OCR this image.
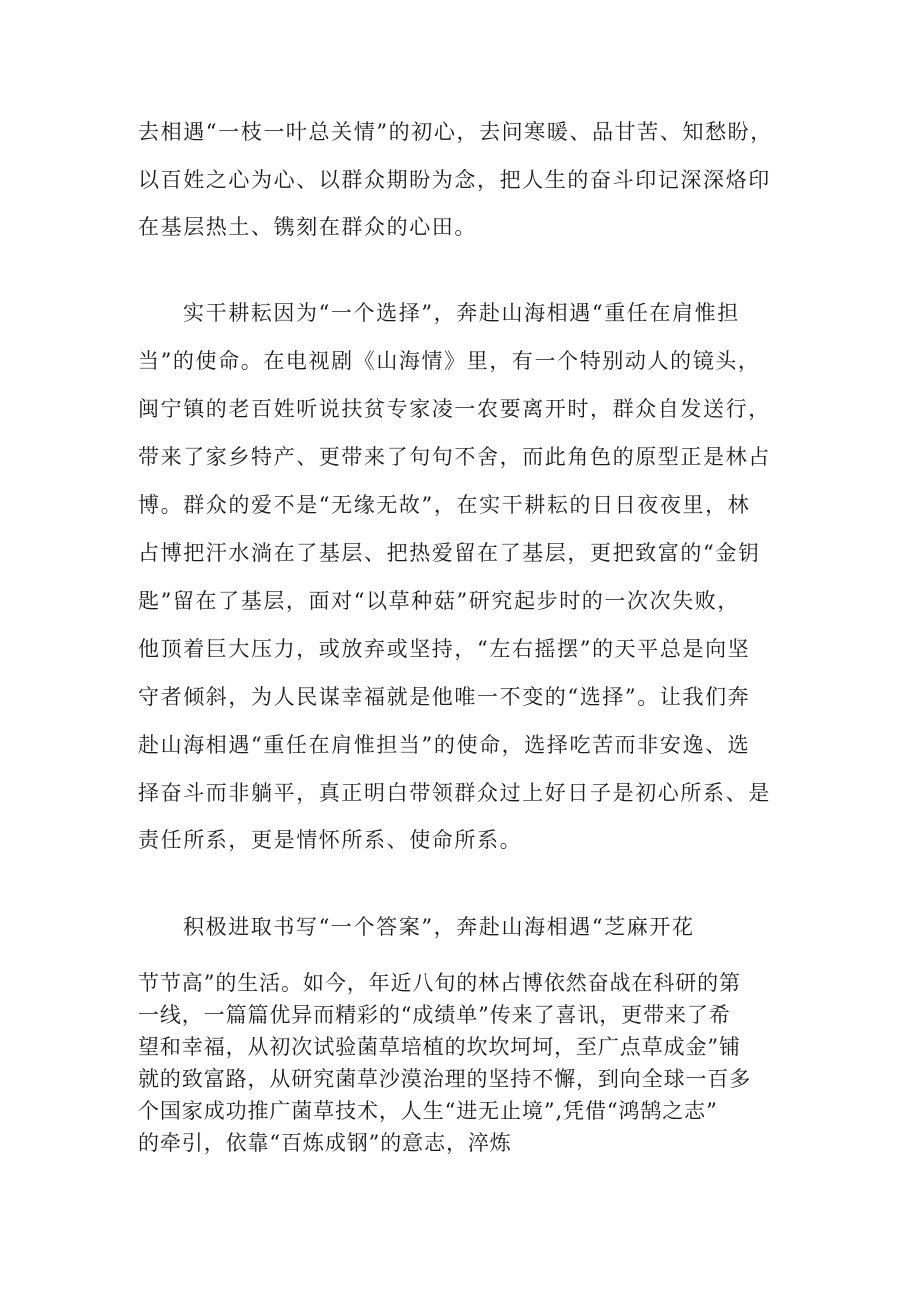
去相遇“一枝一叶总关情”的初心，去问寒暖、品甘苦、知愁盼，
以百姓之心为心、以群众期盼为念，把人生的奋斗印记深深烙印
在基层热土、镌刻在群众的心田。
实干耕耘因为“一个选择”，奔赴山海相遇“重任在肩惟担
当”的使命。在电视剧《山海情》里，有一个特别动人的镜头，
闽宁镇的老百姓听说扶贫专家凌一农要离开时，群众自发送行，
带来了家乡特产、更带来了句句不舍，而此角色的原型正是林占
博。群众的爱不是“无缘无故”，在实干耕耘的日日夜夜里，林
占博把汗水淌在了基层、把热爱留在了基层，更把致富的“金钥
匙”留在了基层，面对“以草种菇”研究起步时的一次次失败，
他顶着巨大压力，或放弃或坚持，“左右摇摆”的天平总是向坚
守者倾斜，为人民谋幸福就是他唯一不变的“选择”。让我们奔
赴山海相遇“重任在肩惟担当”的使命，选择吃苦而非安逸、选
择奋斗而非躺平，真正明白带领群众过上好日子是初心所系、是
责任所系，更是情怀所系、使命所系。
积极进取书写“一个答案”，奔赴山海相遇“芝麻开花
节节高”的生活。如今，年近八旬的林占博依然奋战在科研的第
一线，一篇篇优异而精彩的“成绩单”传来了喜讯，更带来了希
望和幸福，从初次试验菌草培植的坎坎坷坷，至广点草成金”铺
就的致富路，从研究菌草沙漠治理的坚持不懈，到向全球一百多
个国家成功推广菌草技术，人生“进无止境”,凭借“鸿鹄之志”
的牵引，依靠“百炼成钢”的意志，淬炼
